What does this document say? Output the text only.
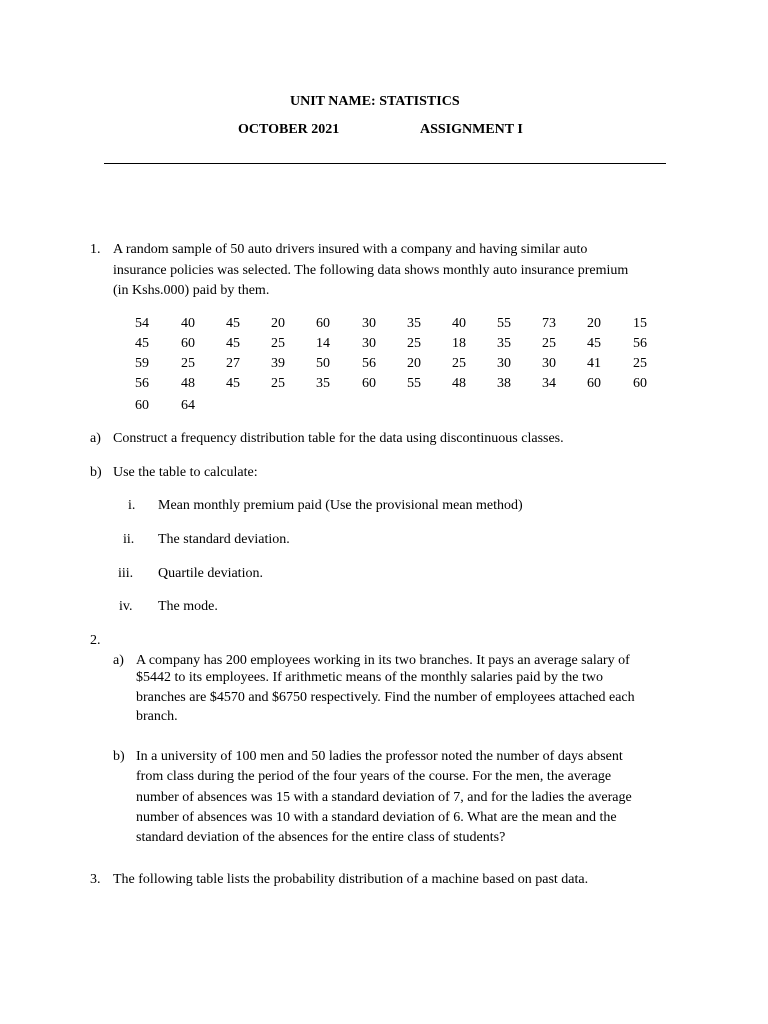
UNIT NAME: STATISTICS
OCTOBER 2021	ASSIGNMENT I
1. A random sample of 50 auto drivers insured with a company and having similar auto
insurance policies was selected. The following data shows monthly auto insurance premium
(in Kshs.000) paid by them.
54	40	45	20	60	30	35	40	55	73	20	15
45	60	45	25	14	30	25	18	35	25	45	56
59	25	27	39	50	56	20	25	30	30	41	25
56	48	45	25	35	60	55	48	38	34	60	60
60	64
a) Construct a frequency distribution table for the data using discontinuous classes.
b) Use the table to calculate:
i. Mean monthly premium paid (Use the provisional mean method)
ii. The standard deviation.
iii. Quartile deviation.
iv. The mode.
2.
a) A company has 200 employees working in its two branches. It pays an average salary of
$5442 to its employees. If arithmetic means of the monthly salaries paid by the two
branches are $4570 and $6750 respectively. Find the number of employees attached each
branch.
b) In a university of 100 men and 50 ladies the professor noted the number of days absent
from class during the period of the four years of the course. For the men, the average
number of absences was 15 with a standard deviation of 7, and for the ladies the average
number of absences was 10 with a standard deviation of 6. What are the mean and the
standard deviation of the absences for the entire class of students?
3. The following table lists the probability distribution of a machine based on past data.
